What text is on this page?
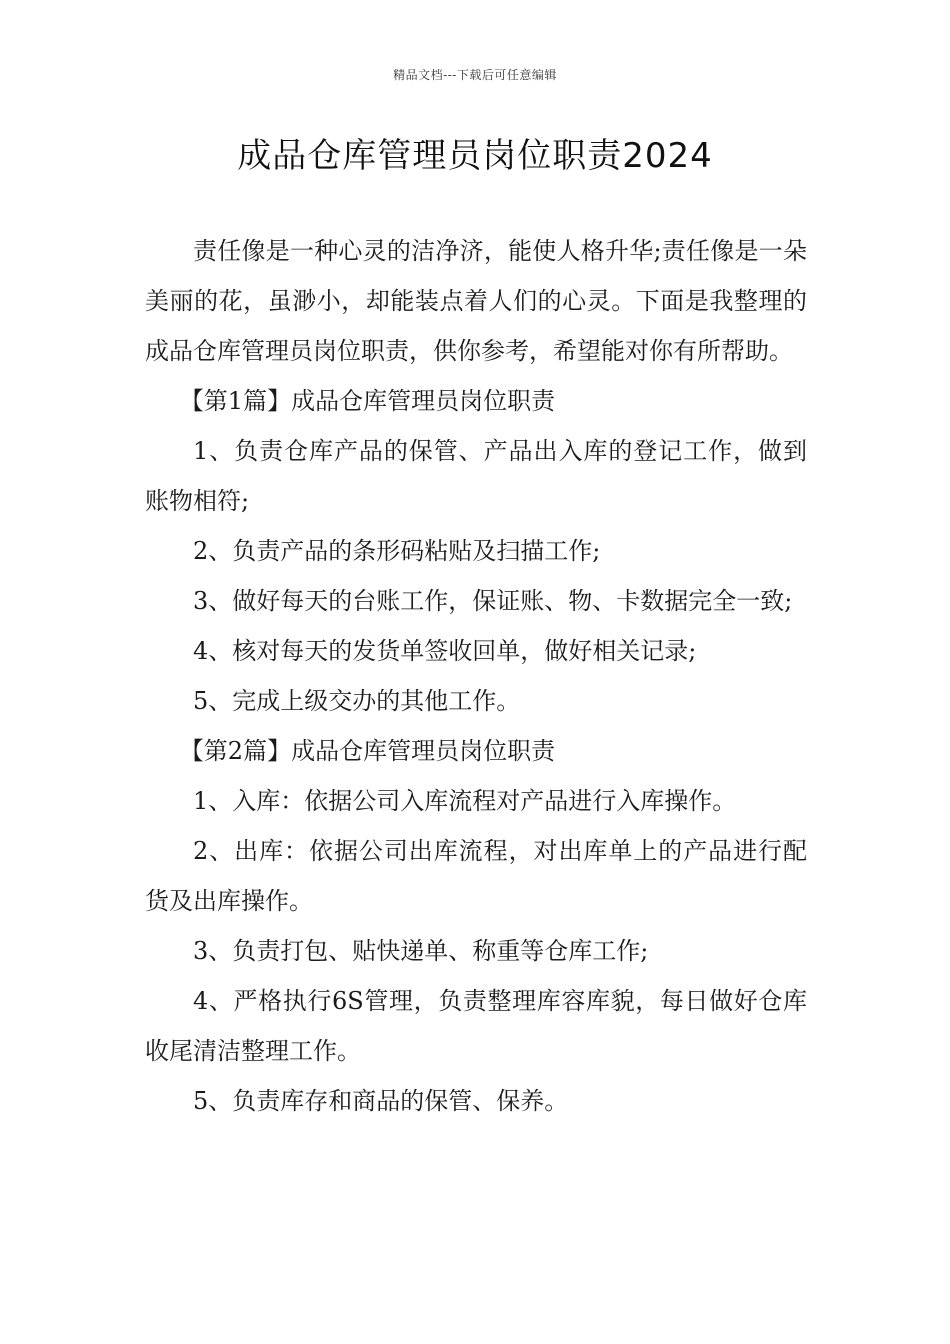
精品文档---下载后可任意编辑
成品仓库管理员岗位职责2024

责任像是一种心灵的洁净济，能使人格升华;责任像是一朵美丽的花，虽渺小，却能装点着人们的心灵。下面是我整理的成品仓库管理员岗位职责，供你参考，希望能对你有所帮助。

【第1篇】成品仓库管理员岗位职责

1、负责仓库产品的保管、产品出入库的登记工作，做到账物相符;

2、负责产品的条形码粘贴及扫描工作;

3、做好每天的台账工作，保证账、物、卡数据完全一致;

4、核对每天的发货单签收回单，做好相关记录;

5、完成上级交办的其他工作。

【第2篇】成品仓库管理员岗位职责

1、入库：依据公司入库流程对产品进行入库操作。

2、出库：依据公司出库流程，对出库单上的产品进行配货及出库操作。

3、负责打包、贴快递单、称重等仓库工作;

4、严格执行6S管理，负责整理库容库貌，每日做好仓库收尾清洁整理工作。

5、负责库存和商品的保管、保养。
